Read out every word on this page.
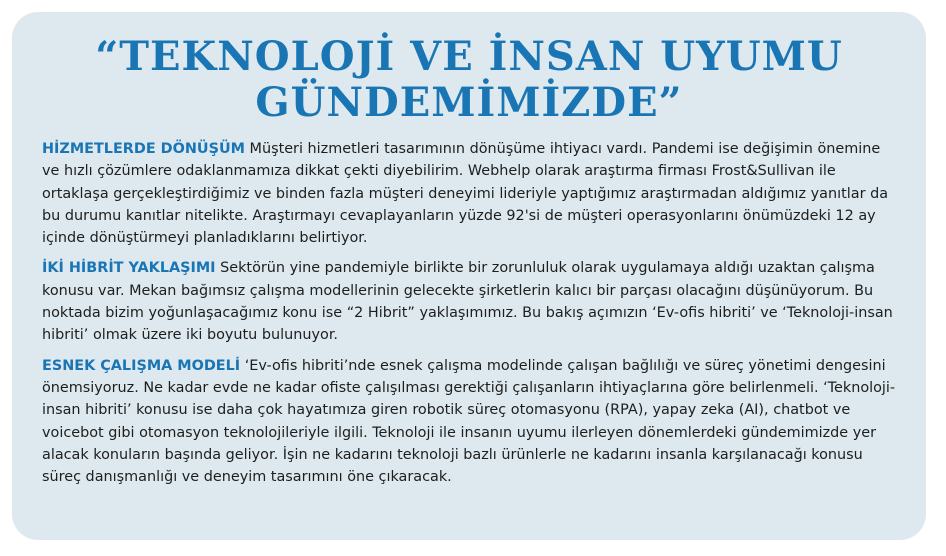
“TEKNOLOJİ VE İNSAN UYUMU
GÜNDEMİMİZDE”

HİZMETLERDE DÖNÜŞÜM Müşteri hizmetleri tasarımının dönüşüme ihtiyacı vardı. Pandemi ise değişimin önemine ve hızlı çözümlere odaklanmamıza dikkat çekti diyebilirim. Webhelp olarak araştırma firması Frost&Sullivan ile ortaklaşa gerçekleştirdiğimiz ve binden fazla müşteri deneyimi lideriyle yaptığımız araştırmadan aldığımız yanıtlar da bu durumu kanıtlar nitelikte. Araştırmayı cevaplayanların yüzde 92'si de müşteri operasyonlarını önümüzdeki 12 ay içinde dönüştürmeyi planladıklarını belirtiyor.

İKİ HİBRİT YAKLAŞIMI Sektörün yine pandemiyle birlikte bir zorunluluk olarak uygulamaya aldığı uzaktan çalışma konusu var. Mekan bağımsız çalışma modellerinin gelecekte şirketlerin kalıcı bir parçası olacağını düşünüyorum. Bu noktada bizim yoğunlaşacağımız konu ise “2 Hibrit” yaklaşımımız. Bu bakış açımızın ‘Ev-ofis hibriti’ ve ‘Teknoloji-insan hibriti’ olmak üzere iki boyutu bulunuyor.

ESNEK ÇALIŞMA MODELİ ‘Ev-ofis hibriti’nde esnek çalışma modelinde çalışan bağlılığı ve süreç yönetimi dengesini önemsiyoruz. Ne kadar evde ne kadar ofiste çalışılması gerektiği çalışanların ihtiyaçlarına göre belirlenmeli. ‘Teknoloji-insan hibriti’ konusu ise daha çok hayatımıza giren robotik süreç otomasyonu (RPA), yapay zeka (AI), chatbot ve voicebot gibi otomasyon teknolojileriyle ilgili. Teknoloji ile insanın uyumu ilerleyen dönemlerdeki gündemimizde yer alacak konuların başında geliyor. İşin ne kadarını teknoloji bazlı ürünlerle ne kadarını insanla karşılanacağı konusu süreç danışmanlığı ve deneyim tasarımını öne çıkaracak.
